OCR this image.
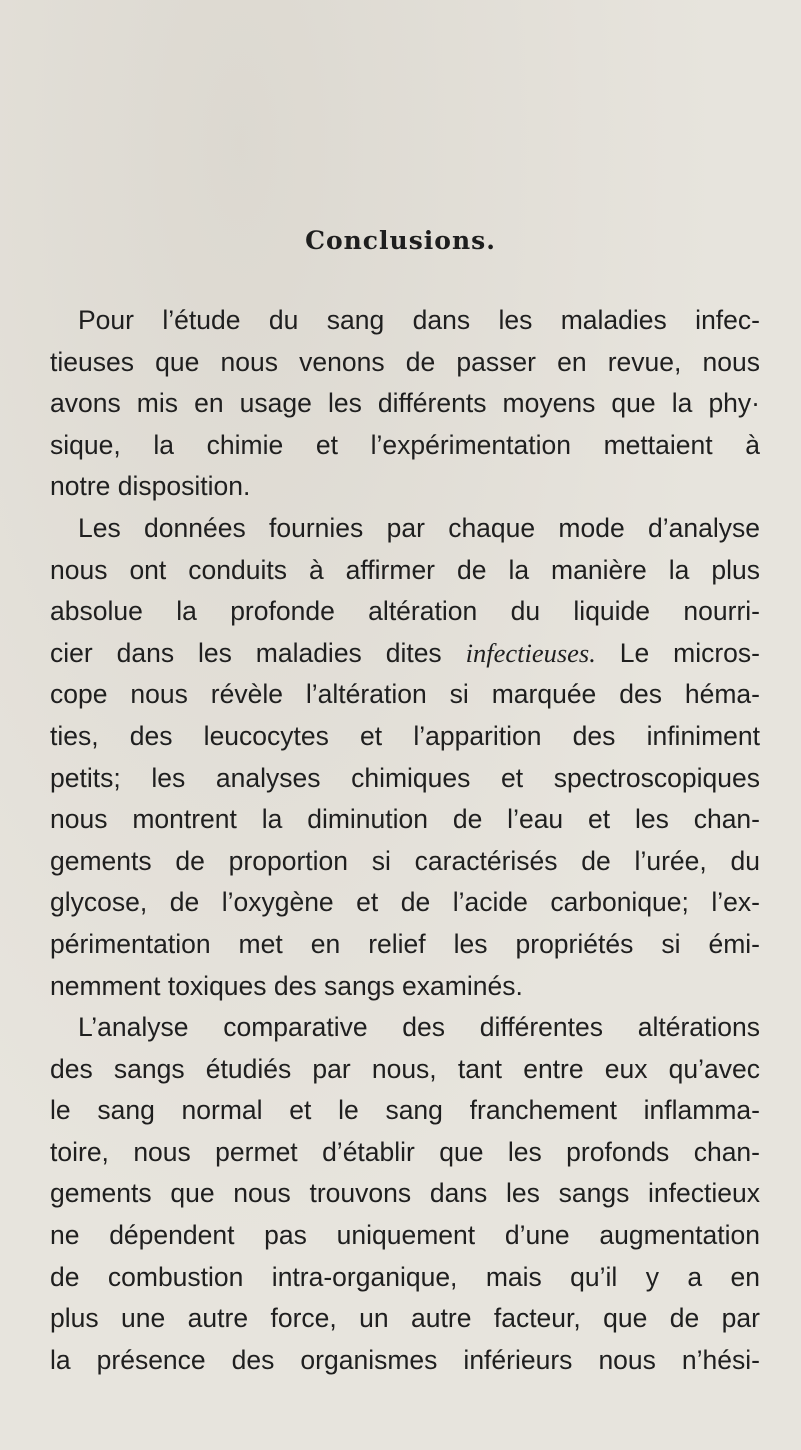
Conclusions.
Pour l’étude du sang dans les maladies infec-
tieuses que nous venons de passer en revue, nous
avons mis en usage les différents moyens que la phy·
sique, la chimie et l’expérimentation mettaient à
notre disposition.
Les données fournies par chaque mode d’analyse
nous ont conduits à affirmer de la manière la plus
absolue la profonde altération du liquide nourri-
cier dans les maladies dites infectieuses. Le micros-
cope nous révèle l’altération si marquée des héma-
ties, des leucocytes et l’apparition des infiniment
petits; les analyses chimiques et spectroscopiques
nous montrent la diminution de l’eau et les chan-
gements de proportion si caractérisés de l’urée, du
glycose, de l’oxygène et de l’acide carbonique; l’ex-
périmentation met en relief les propriétés si émi-
nemment toxiques des sangs examinés.
L’analyse comparative des différentes altérations
des sangs étudiés par nous, tant entre eux qu’avec
le sang normal et le sang franchement inflamma-
toire, nous permet d’établir que les profonds chan-
gements que nous trouvons dans les sangs infectieux
ne dépendent pas uniquement d’une augmentation
de combustion intra-organique, mais qu’il y a en
plus une autre force, un autre facteur, que de par
la présence des organismes inférieurs nous n’hési-
